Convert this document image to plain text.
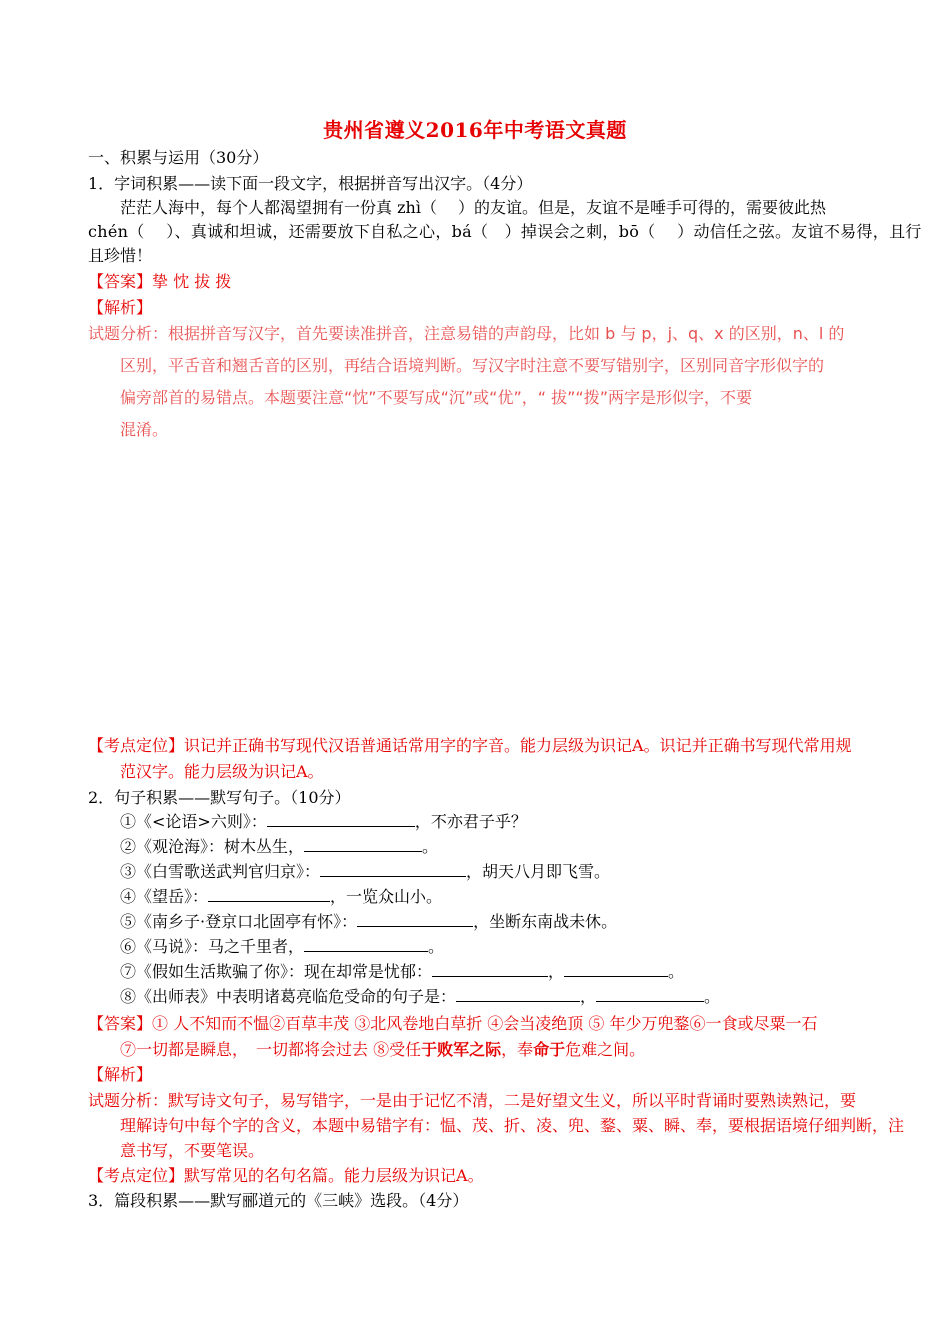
贵州省遵义2016年中考语文真题
一、积累与运用（30分）
1．字词积累——读下面一段文字，根据拼音写出汉字。（4分）
茫茫人海中，每个人都渴望拥有一份真 zhì（　 ）的友谊。但是，友谊不是唾手可得的，需要彼此热
chén（　 ）、真诚和坦诚，还需要放下自私之心，bá（　）掉误会之刺，bō（　 ）动信任之弦。友谊不易得，且行
且珍惜！
【答案】挚 忱 拔 拨
【解析】

试题分析：根据拼音写汉字，首先要读准拼音，注意易错的声韵母，比如 b 与 p，j、q、x 的区别，n、l 的

区别，平舌音和翘舌音的区别，再结合语境判断。写汉字时注意不要写错别字，区别同音字形似字的

偏旁部首的易错点。本题要注意“忱”不要写成“沉”或“优”，“ 拔”“拨”两字是形似字，不要

混淆。

【考点定位】识记并正确书写现代汉语普通话常用字的字音。能力层级为识记A。识记并正确书写现代常用规
范汉字。能力层级为识记A。
2．句子积累——默写句子。（10分）
①《<论语>六则》：	，不亦君子乎？
②《观沧海》：树木丛生，	。
③《白雪歌送武判官归京》：	，胡天八月即飞雪。
④《望岳》：	，一览众山小。
⑤《南乡子·登京口北固亭有怀》：	，坐断东南战未休。
⑥《马说》：马之千里者，	。
⑦《假如生活欺骗了你》：现在却常是忧郁：	，	。
⑧《出师表》中表明诸葛亮临危受命的句子是：	，	。
【答案】① 人不知而不愠②百草丰茂 ③北风卷地白草折 ④会当凌绝顶 ⑤ 年少万兜鍪⑥一食或尽粟一石
⑦一切都是瞬息，　一切都将会过去 ⑧受任于败军之际，奉命于危难之间。
【解析】
试题分析：默写诗文句子，易写错字，一是由于记忆不清，二是好望文生义，所以平时背诵时要熟读熟记，要
理解诗句中每个字的含义，本题中易错字有：愠、茂、折、凌、兜、鍪、粟、瞬、奉，要根据语境仔细判断，注
意书写，不要笔误。
【考点定位】默写常见的名句名篇。能力层级为识记A。
3．篇段积累——默写郦道元的《三峡》选段。（4分）
